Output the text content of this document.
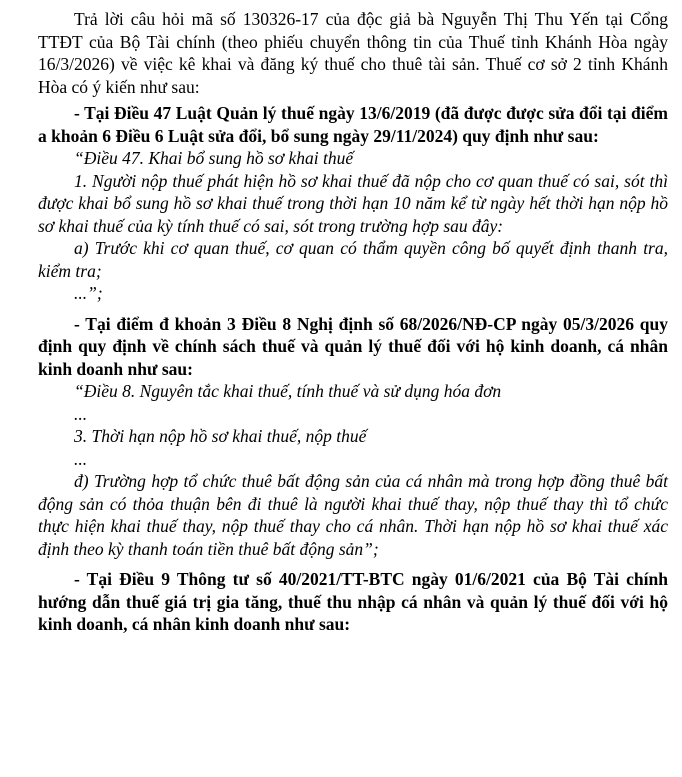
Trả lời câu hỏi mã số 130326-17 của độc giả bà Nguyễn Thị Thu Yến tại Cổng TTĐT của Bộ Tài chính (theo phiếu chuyển thông tin của Thuế tỉnh Khánh Hòa ngày 16/3/2026) về việc kê khai và đăng ký thuế cho thuê tài sản. Thuế cơ sở 2 tỉnh Khánh Hòa có ý kiến như sau:

- Tại Điều 47 Luật Quản lý thuế ngày 13/6/2019 (đã được được sửa đổi tại điểm a khoản 6 Điều 6 Luật sửa đổi, bổ sung ngày 29/11/2024) quy định như sau:

“Điều 47. Khai bổ sung hồ sơ khai thuế

1. Người nộp thuế phát hiện hồ sơ khai thuế đã nộp cho cơ quan thuế có sai, sót thì được khai bổ sung hồ sơ khai thuế trong thời hạn 10 năm kể từ ngày hết thời hạn nộp hồ sơ khai thuế của kỳ tính thuế có sai, sót trong trường hợp sau đây:

a) Trước khi cơ quan thuế, cơ quan có thẩm quyền công bố quyết định thanh tra, kiểm tra;

...”;

- Tại điểm đ khoản 3 Điều 8 Nghị định số 68/2026/NĐ-CP ngày 05/3/2026 quy định quy định về chính sách thuế và quản lý thuế đối với hộ kinh doanh, cá nhân kinh doanh như sau:

“Điều 8. Nguyên tắc khai thuế, tính thuế và sử dụng hóa đơn

...

3. Thời hạn nộp hồ sơ khai thuế, nộp thuế

...

đ) Trường hợp tổ chức thuê bất động sản của cá nhân mà trong hợp đồng thuê bất động sản có thỏa thuận bên đi thuê là người khai thuế thay, nộp thuế thay thì tổ chức thực hiện khai thuế thay, nộp thuế thay cho cá nhân. Thời hạn nộp hồ sơ khai thuế xác định theo kỳ thanh toán tiền thuê bất động sản”;

- Tại Điều 9 Thông tư số 40/2021/TT-BTC ngày 01/6/2021 của Bộ Tài chính hướng dẫn thuế giá trị gia tăng, thuế thu nhập cá nhân và quản lý thuế đối với hộ kinh doanh, cá nhân kinh doanh như sau:
